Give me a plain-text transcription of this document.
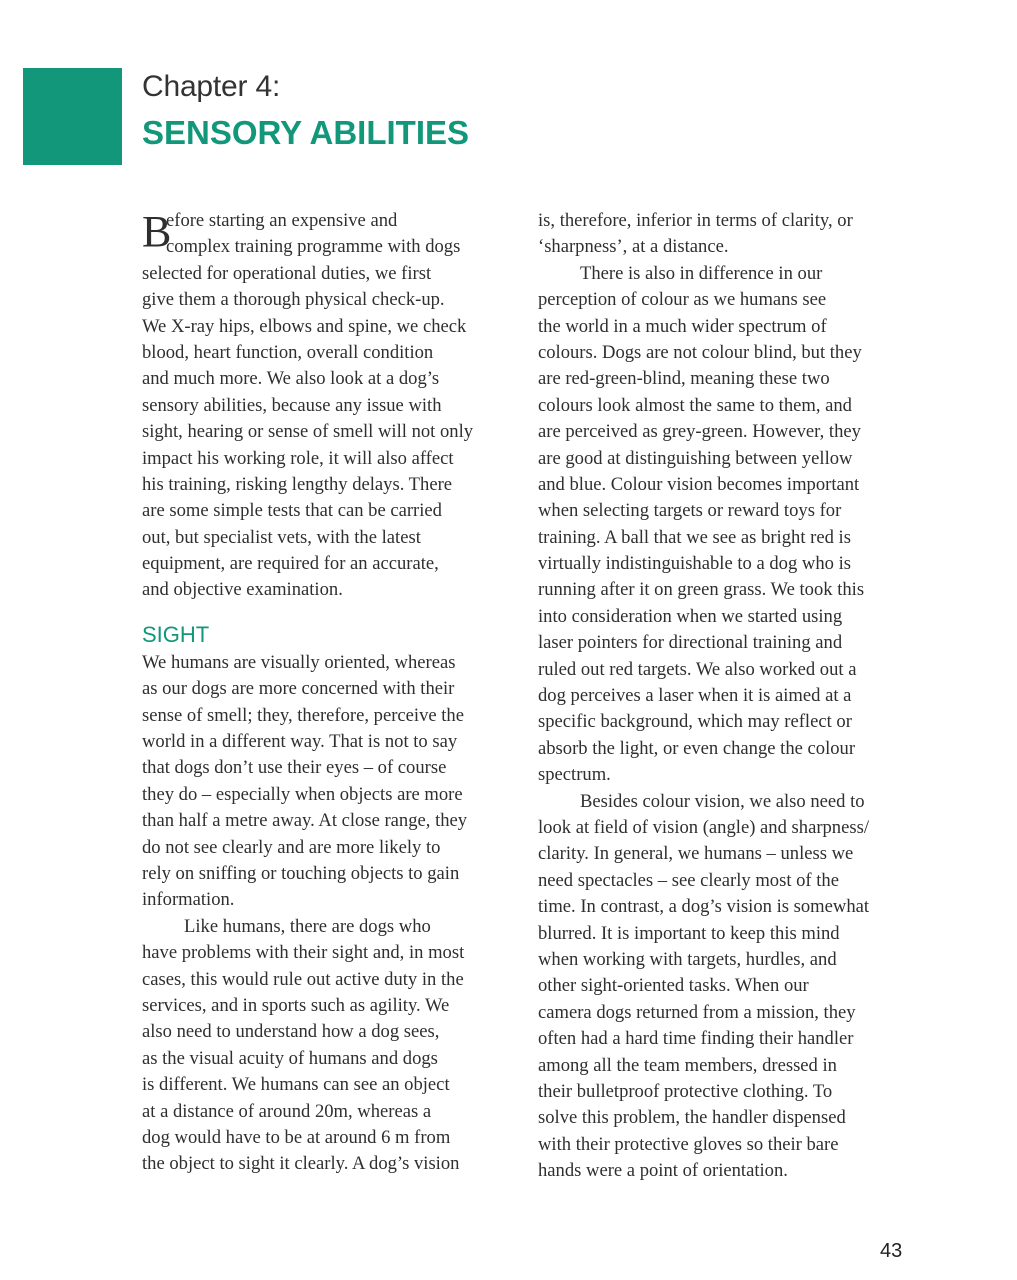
Chapter 4:
SENSORY ABILITIES
B
efore starting an expensive and
complex training programme with dogs
selected for operational duties, we first
give them a thorough physical check-up.
We X-ray hips, elbows and spine, we check
blood, heart function, overall condition
and much more. We also look at a dog’s
sensory abilities, because any issue with
sight, hearing or sense of smell will not only
impact his working role, it will also affect
his training, risking lengthy delays. There
are some simple tests that can be carried
out, but specialist vets, with the latest
equipment, are required for an accurate,
and objective examination.
SIGHT
We humans are visually oriented, whereas
as our dogs are more concerned with their
sense of smell; they, therefore, perceive the
world in a different way. That is not to say
that dogs don’t use their eyes – of course
they do – especially when objects are more
than half a metre away. At close range, they
do not see clearly and are more likely to
rely on sniffing or touching objects to gain
information.
Like humans, there are dogs who
have problems with their sight and, in most
cases, this would rule out active duty in the
services, and in sports such as agility. We
also need to understand how a dog sees,
as the visual acuity of humans and dogs
is different. We humans can see an object
at a distance of around 20m, whereas a
dog would have to be at around 6 m from
the object to sight it clearly. A dog’s vision
is, therefore, inferior in terms of clarity, or
‘sharpness’, at a distance.
There is also in difference in our
perception of colour as we humans see
the world in a much wider spectrum of
colours. Dogs are not colour blind, but they
are red-green-blind, meaning these two
colours look almost the same to them, and
are perceived as grey-green. However, they
are good at distinguishing between yellow
and blue. Colour vision becomes important
when selecting targets or reward toys for
training. A ball that we see as bright red is
virtually indistinguishable to a dog who is
running after it on green grass. We took this
into consideration when we started using
laser pointers for directional training and
ruled out red targets. We also worked out a
dog perceives a laser when it is aimed at a
specific background, which may reflect or
absorb the light, or even change the colour
spectrum.
Besides colour vision, we also need to
look at field of vision (angle) and sharpness/
clarity. In general, we humans – unless we
need spectacles – see clearly most of the
time. In contrast, a dog’s vision is somewhat
blurred. It is important to keep this mind
when working with targets, hurdles, and
other sight-oriented tasks. When our
camera dogs returned from a mission, they
often had a hard time finding their handler
among all the team members, dressed in
their bulletproof protective clothing. To
solve this problem, the handler dispensed
with their protective gloves so their bare
hands were a point of orientation.
43
